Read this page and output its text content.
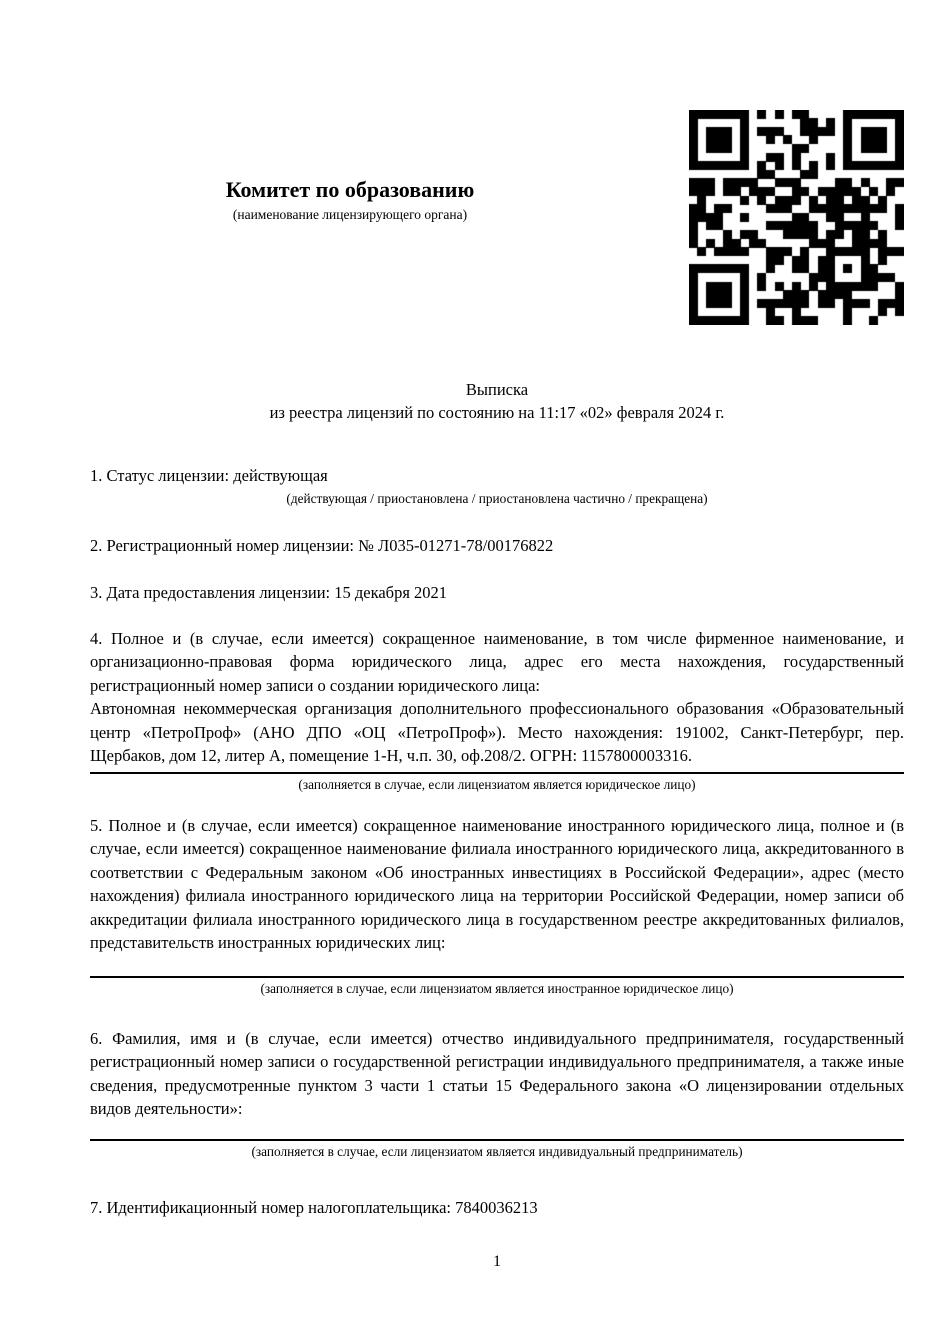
Комитет по образованию
(наименование лицензирующего органа)
Выписка
из реестра лицензий по состоянию на 11:17 «02» февраля 2024 г.

1. Статус лицензии: действующая

(действующая / приостановлена / приостановлена частично / прекращена)

2. Регистрационный номер лицензии: № Л035-01271-78/00176822

3. Дата предоставления лицензии: 15 декабря 2021

4. Полное и (в случае, если имеется) сокращенное наименование, в том числе фирменное наименование, и организационно-правовая форма юридического лица, адрес его места нахождения, государственный регистрационный номер записи о создании юридического лица:

Автономная некоммерческая организация дополнительного профессионального образования «Образовательный центр «ПетроПроф» (АНО ДПО «ОЦ «ПетроПроф»). Место нахождения: 191002, Санкт-Петербург, пер. Щербаков, дом 12, литер А, помещение 1-Н, ч.п. 30, оф.208/2. ОГРН: 1157800003316.

(заполняется в случае, если лицензиатом является юридическое лицо)

5. Полное и (в случае, если имеется) сокращенное наименование иностранного юридического лица, полное и (в случае, если имеется) сокращенное наименование филиала иностранного юридического лица, аккредитованного в соответствии с Федеральным законом «Об иностранных инвестициях в Российской Федерации», адрес (место нахождения) филиала иностранного юридического лица на территории Российской Федерации, номер записи об аккредитации филиала иностранного юридического лица в государственном реестре аккредитованных филиалов, представительств иностранных юридических лиц:

(заполняется в случае, если лицензиатом является иностранное юридическое лицо)

6. Фамилия, имя и (в случае, если имеется) отчество индивидуального предпринимателя, государственный регистрационный номер записи о государственной регистрации индивидуального предпринимателя, а также иные сведения, предусмотренные пунктом 3 части 1 статьи 15 Федерального закона «О лицензировании отдельных видов деятельности»:

(заполняется в случае, если лицензиатом является индивидуальный предприниматель)

7. Идентификационный номер налогоплательщика: 7840036213

1
